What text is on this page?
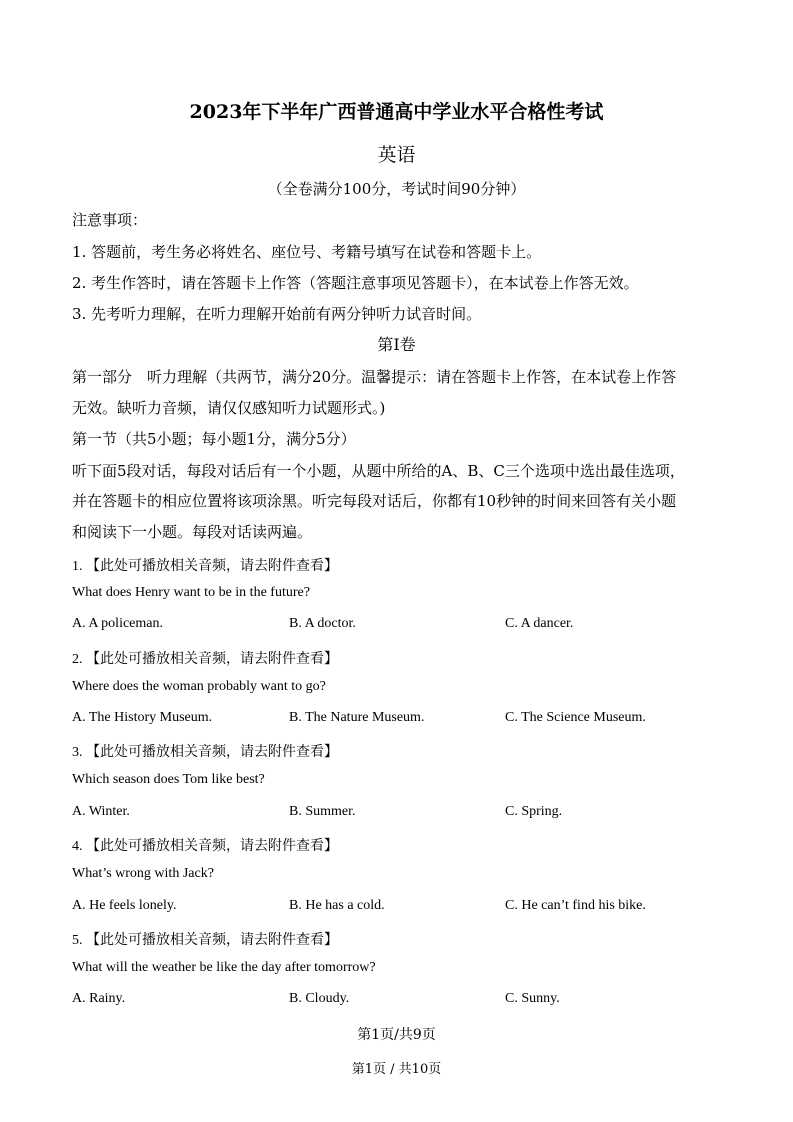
2023年下半年广西普通高中学业水平合格性考试
英语
（全卷满分100分，考试时间90分钟）
注意事项：
1. 答题前，考生务必将姓名、座位号、考籍号填写在试卷和答题卡上。
2. 考生作答时，请在答题卡上作答（答题注意事项见答题卡），在本试卷上作答无效。
3. 先考听力理解，在听力理解开始前有两分钟听力试音时间。
第Ⅰ卷
第一部分　听力理解（共两节，满分20分。温馨提示：请在答题卡上作答，在本试卷上作答
无效。缺听力音频，请仅仅感知听力试题形式。)
第一节（共5小题；每小题1分，满分5分）
听下面5段对话，每段对话后有一个小题，从题中所给的A、B、C三个选项中选出最佳选项，
并在答题卡的相应位置将该项涂黑。听完每段对话后，你都有10秒钟的时间来回答有关小题
和阅读下一小题。每段对话读两遍。
1. 【此处可播放相关音频，请去附件查看】
What does Henry want to be in the future?
A. A policeman.	B. A doctor.	C. A dancer.
2. 【此处可播放相关音频，请去附件查看】
Where does the woman probably want to go?
A. The History Museum.	B. The Nature Museum.	C. The Science Museum.
3. 【此处可播放相关音频，请去附件查看】
Which season does Tom like best?
A. Winter.	B. Summer.	C. Spring.
4. 【此处可播放相关音频，请去附件查看】
What’s wrong with Jack?
A. He feels lonely.	B. He has a cold.	C. He can’t find his bike.
5. 【此处可播放相关音频，请去附件查看】
What will the weather be like the day after tomorrow?
A. Rainy.	B. Cloudy.	C. Sunny.
第1页/共9页
第1页 / 共10页
